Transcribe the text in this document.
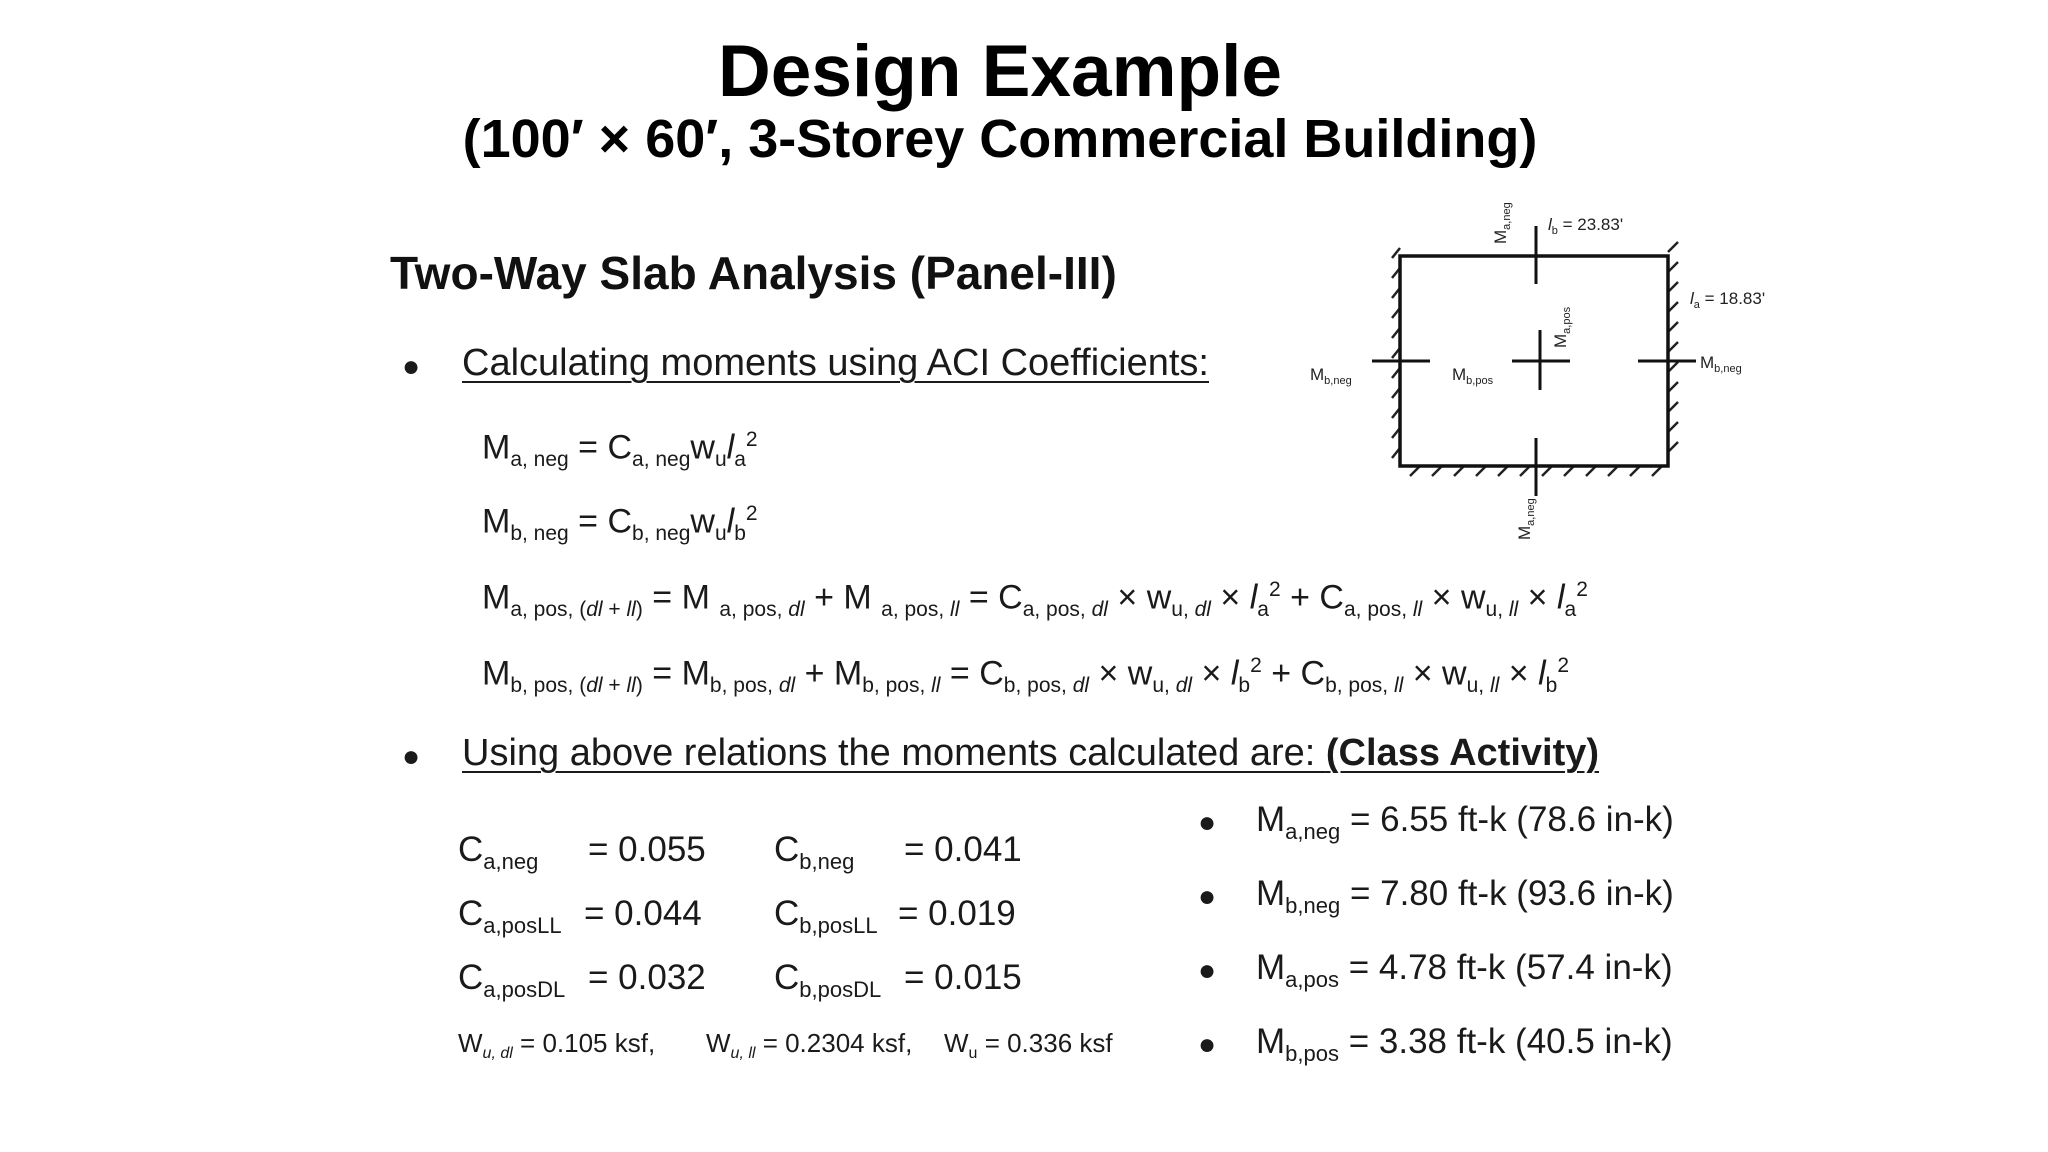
Design Example
(100′ × 60′, 3-Storey Commercial Building)
Two-Way Slab Analysis (Panel-III)
● Calculating moments using ACI Coefficients:
$M_{a, neg} = C_{a, neg}w_ul_a^2$
$M_{b, neg} = C_{b, neg}w_ul_b^2$
$M_{a, pos, (dl + ll)} = M$ $_{a, pos, dl}$ + M $_{a, pos, ll} = C_{a, pos, dl} \times w_{u, dl} \times l_a^2 + C_{a, pos, ll} \times w_{u, ll} \times l_a^2$
$M_{b, pos, (dl + ll)} = M_{b, pos, dl} + M_{b, pos, ll} = C_{b, pos, dl} \times w_{u, dl} \times l_b^2 + C_{b, pos, ll} \times w_{u, ll} \times l_b^2$
● Using above relations the moments calculated are: (Class Activity)
$C_{a,neg} = 0.055$ $C_{b,neg} = 0.041$
$C_{a,posLL} = 0.044$ $C_{b,posLL} = 0.019$
$C_{a,posDL} = 0.032$ $C_{b,posDL} = 0.015$
$W_{u, dl} = 0.105$ ksf, $W_{u, ll} = 0.2304$ ksf, $W_u = 0.336$ ksf
● $M_{a,neg} = 6.55$ ft-k (78.6 in-k)
● $M_{b,neg} = 7.80$ ft-k (93.6 in-k)
● $M_{a,pos} = 4.78$ ft-k (57.4 in-k)
● $M_{b,pos} = 3.38$ ft-k (40.5 in-k)
$l_b = 23.83'$
$l_a = 18.83'$
$M_{a,neg}$
$M_{a,neg}$
$M_{b,neg}$
$M_{b,neg}$
$M_{b,pos}$
$M_{a,pos}$
